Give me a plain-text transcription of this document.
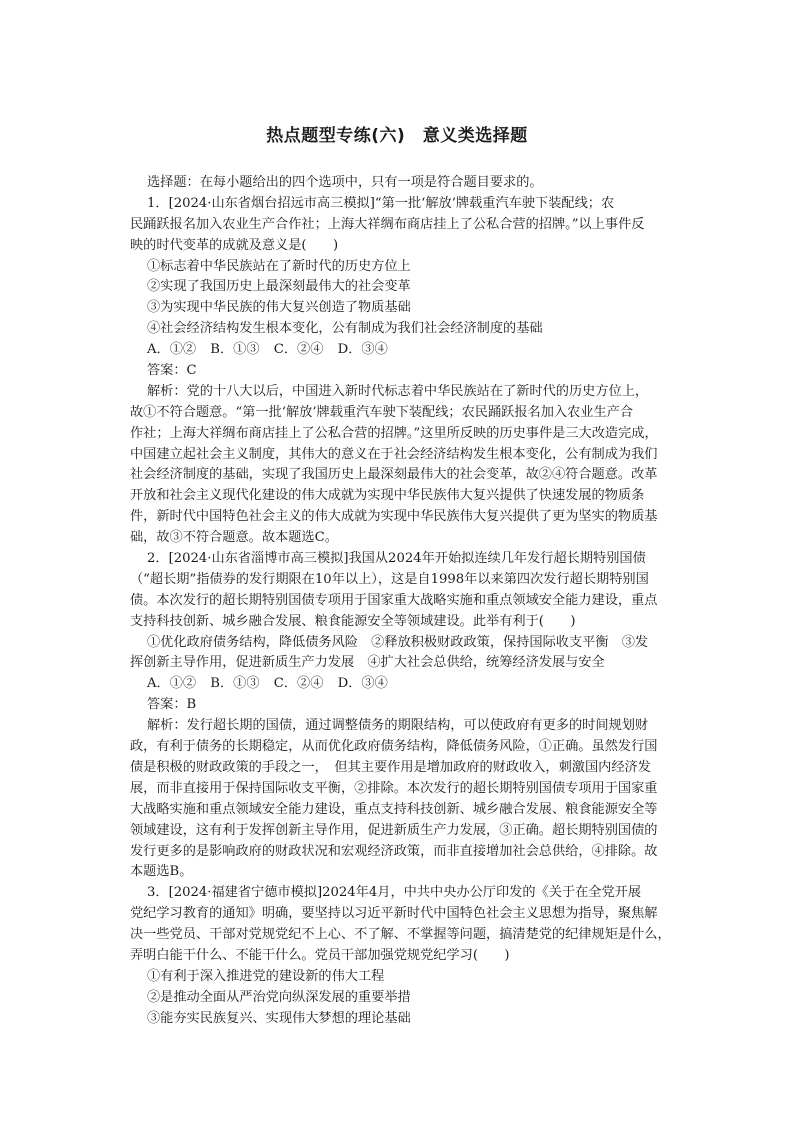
热点题型专练(六)　意义类选择题
选择题：在每小题给出的四个选项中，只有一项是符合题目要求的。
1．[2024·山东省烟台招远市高三模拟]“第一批‘解放’牌载重汽车驶下装配线；农
民踊跃报名加入农业生产合作社；上海大祥绸布商店挂上了公私合营的招牌。”以上事件反
映的时代变革的成就及意义是(　　)
①标志着中华民族站在了新时代的历史方位上
②实现了我国历史上最深刻最伟大的社会变革
③为实现中华民族的伟大复兴创造了物质基础
④社会经济结构发生根本变化，公有制成为我们社会经济制度的基础
A．①② B．①③ C．②④ D．③④
答案：C
解析：党的十八大以后，中国进入新时代标志着中华民族站在了新时代的历史方位上，
故①不符合题意。“第一批‘解放’牌载重汽车驶下装配线；农民踊跃报名加入农业生产合
作社；上海大祥绸布商店挂上了公私合营的招牌。”这里所反映的历史事件是三大改造完成，
中国建立起社会主义制度，其伟大的意义在于社会经济结构发生根本变化，公有制成为我们
社会经济制度的基础，实现了我国历史上最深刻最伟大的社会变革，故②④符合题意。改革
开放和社会主义现代化建设的伟大成就为实现中华民族伟大复兴提供了快速发展的物质条
件，新时代中国特色社会主义的伟大成就为实现中华民族伟大复兴提供了更为坚实的物质基
础，故③不符合题意。故本题选C。
2．[2024·山东省淄博市高三模拟]我国从2024年开始拟连续几年发行超长期特别国债
（“超长期”指债券的发行期限在10年以上），这是自1998年以来第四次发行超长期特别国
债。本次发行的超长期特别国债专项用于国家重大战略实施和重点领域安全能力建设，重点
支持科技创新、城乡融合发展、粮食能源安全等领域建设。此举有利于(　　)
①优化政府债务结构，降低债务风险　②释放积极财政政策，保持国际收支平衡　③发
挥创新主导作用，促进新质生产力发展　④扩大社会总供给，统筹经济发展与安全
A．①② B．①③ C．②④ D．③④
答案：B
解析：发行超长期的国债，通过调整债务的期限结构，可以使政府有更多的时间规划财
政，有利于债务的长期稳定，从而优化政府债务结构，降低债务风险，①正确。虽然发行国
债是积极的财政政策的手段之一，　但其主要作用是增加政府的财政收入，刺激国内经济发
展，而非直接用于保持国际收支平衡，②排除。本次发行的超长期特别国债专项用于国家重
大战略实施和重点领域安全能力建设，重点支持科技创新、城乡融合发展、粮食能源安全等
领域建设，这有利于发挥创新主导作用，促进新质生产力发展，③正确。超长期特别国债的
发行更多的是影响政府的财政状况和宏观经济政策，而非直接增加社会总供给，④排除。故
本题选B。
3．[2024·福建省宁德市模拟]2024年4月，中共中央办公厅印发的《关于在全党开展
党纪学习教育的通知》明确，要坚持以习近平新时代中国特色社会主义思想为指导，聚焦解
决一些党员、干部对党规党纪不上心、不了解、不掌握等问题，搞清楚党的纪律规矩是什么，
弄明白能干什么、不能干什么。党员干部加强党规党纪学习(　　)
①有利于深入推进党的建设新的伟大工程
②是推动全面从严治党向纵深发展的重要举措
③能夯实民族复兴、实现伟大梦想的理论基础
